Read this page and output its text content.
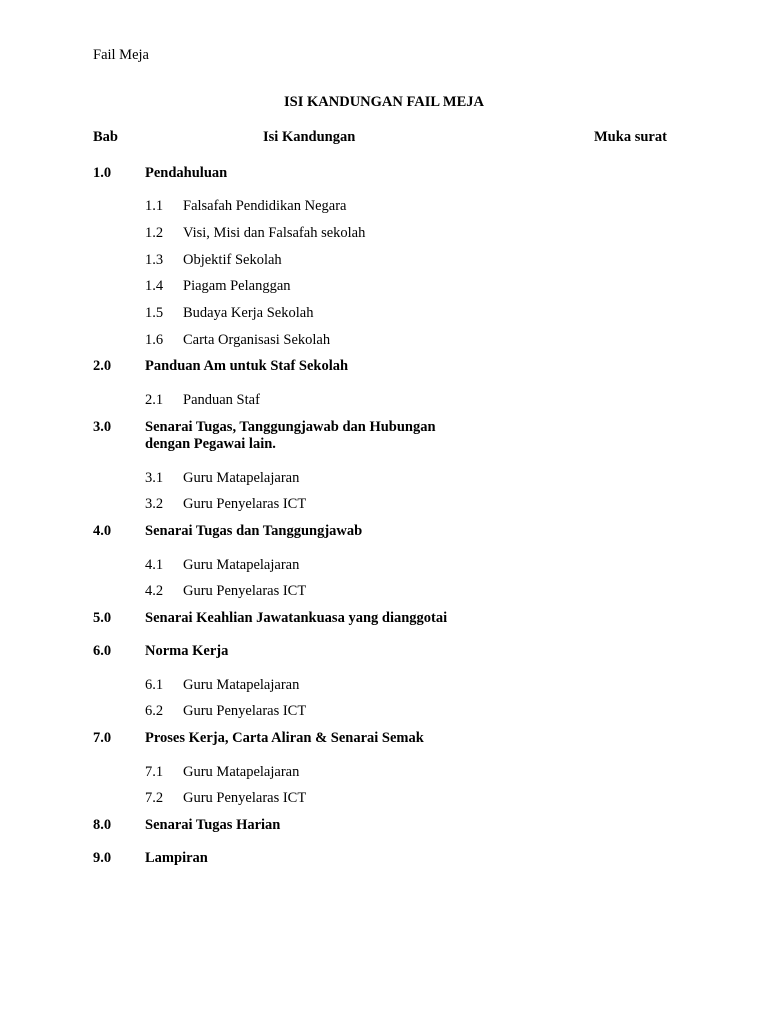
Fail Meja
ISI KANDUNGAN FAIL MEJA
Bab	Isi Kandungan	Muka surat
1.0 Pendahuluan
1.1 Falsafah Pendidikan Negara
1.2 Visi, Misi dan Falsafah sekolah
1.3 Objektif Sekolah
1.4 Piagam Pelanggan
1.5 Budaya Kerja Sekolah
1.6 Carta Organisasi Sekolah
2.0 Panduan Am untuk Staf Sekolah
2.1 Panduan Staf
3.0 Senarai Tugas, Tanggungjawab dan Hubungan
dengan Pegawai lain.
3.1 Guru Matapelajaran
3.2 Guru Penyelaras ICT
4.0 Senarai Tugas dan Tanggungjawab
4.1 Guru Matapelajaran
4.2 Guru Penyelaras ICT
5.0 Senarai Keahlian Jawatankuasa yang dianggotai
6.0 Norma Kerja
6.1 Guru Matapelajaran
6.2 Guru Penyelaras ICT
7.0 Proses Kerja, Carta Aliran & Senarai Semak
7.1 Guru Matapelajaran
7.2 Guru Penyelaras ICT
8.0 Senarai Tugas Harian
9.0 Lampiran
